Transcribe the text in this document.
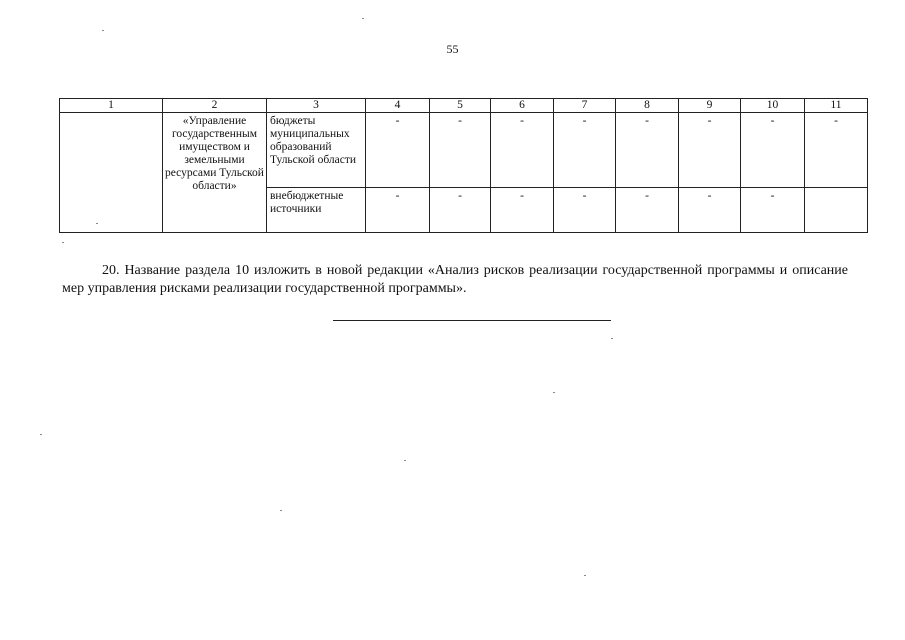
55
1	2	3	4	5	6	7	8	9	10	11
	«Управление государственным имуществом и земельными ресурсами Тульской области»	бюджеты муниципальных образований Тульской области	-	-	-	-	-	-	-	-
		внебюджетные источники	-	-	-	-	-	-	-	

20. Название раздела 10 изложить в новой редакции «Анализ рисков реализации государственной программы и описание мер управления рисками реализации государственной программы».
